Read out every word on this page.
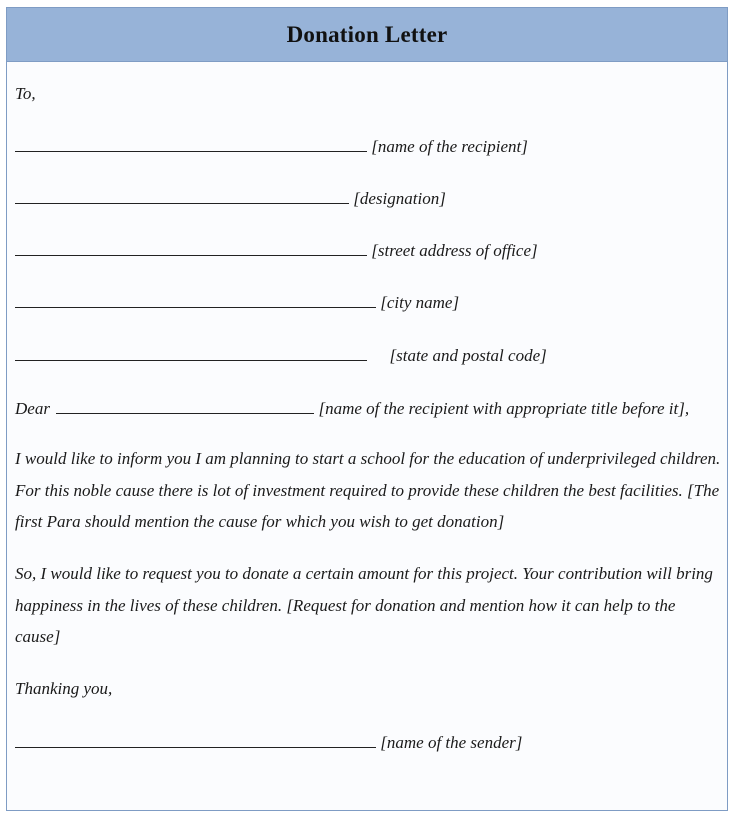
Donation Letter
To,
[name of the recipient]
[designation]
[street address of office]
[city name]
[state and postal code]
Dear	[name of the recipient with appropriate title before it],
I would like to inform you I am planning to start a school for the education of underprivileged children. For this noble cause there is lot of investment required to provide these children the best facilities. [The first Para should mention the cause for which you wish to get donation]
So, I would like to request you to donate a certain amount for this project. Your contribution will bring happiness in the lives of these children. [Request for donation and mention how it can help to the cause]
Thanking you,
[name of the sender]
